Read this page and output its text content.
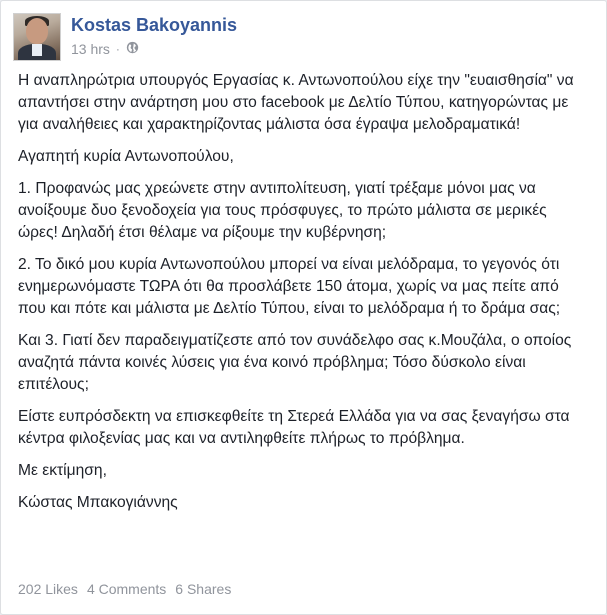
Kostas Bakoyannis
13 hrs ·

Η αναπληρώτρια υπουργός Εργασίας κ. Αντωνοπούλου είχε την "ευαισθησία" να απαντήσει στην ανάρτηση μου στο facebook με Δελτίο Τύπου, κατηγορώντας με για αναλήθειες και χαρακτηρίζοντας μάλιστα όσα έγραψα μελοδραματικά!

Αγαπητή κυρία Αντωνοπούλου,

1. Προφανώς μας χρεώνετε στην αντιπολίτευση, γιατί τρέξαμε μόνοι μας να ανοίξουμε δυο ξενοδοχεία για τους πρόσφυγες, το πρώτο μάλιστα σε μερικές ώρες! Δηλαδή έτσι θέλαμε να ρίξουμε την κυβέρνηση;

2. Το δικό μου κυρία Αντωνοπούλου μπορεί να είναι μελόδραμα, το γεγονός ότι ενημερωνόμαστε ΤΩΡΑ ότι θα προσλάβετε 150 άτομα, χωρίς να μας πείτε από που και πότε και μάλιστα με Δελτίο Τύπου, είναι το μελόδραμα ή το δράμα σας;

Και 3. Γιατί δεν παραδειγματίζεστε από τον συνάδελφο σας κ.Μουζάλα, ο οποίος αναζητά πάντα κοινές λύσεις για ένα κοινό πρόβλημα; Τόσο δύσκολο είναι επιτέλους;

Είστε ευπρόσδεκτη να επισκεφθείτε τη Στερεά Ελλάδα για να σας ξεναγήσω στα κέντρα φιλοξενίας μας και να αντιληφθείτε πλήρως το πρόβλημα.

Με εκτίμηση,

Κώστας Μπακογιάννης

202 Likes 4 Comments 6 Shares
